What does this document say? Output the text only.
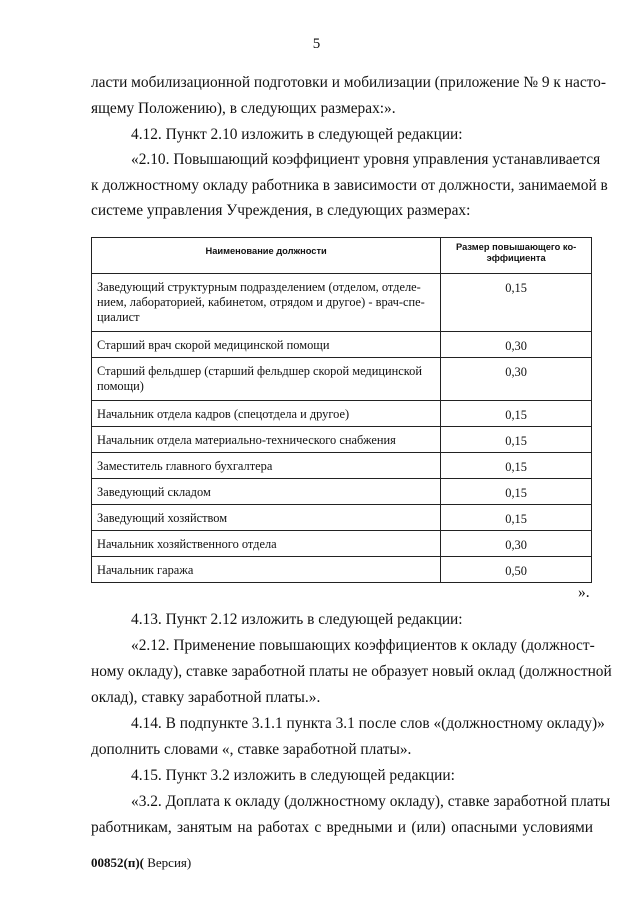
5
ласти мобилизационной подготовки и мобилизации (приложение № 9 к насто-
ящему Положению), в следующих размерах:».
4.12. Пункт 2.10 изложить в следующей редакции:
«2.10. Повышающий коэффициент уровня управления устанавливается
к должностному окладу работника в зависимости от должности, занимаемой в
системе управления Учреждения, в следующих размерах:
Наименование должности	Размер повышающего ко-
эффициента
Заведующий структурным подразделением (отделом, отделе-
нием, лабораторией, кабинетом, отрядом и другое) - врач-спе-
циалист	0,15
Старший врач скорой медицинской помощи	0,30
Старший фельдшер (старший фельдшер скорой медицинской
помощи)	0,30
Начальник отдела кадров (спецотдела и другое)	0,15
Начальник отдела материально-технического снабжения	0,15
Заместитель главного бухгалтера	0,15
Заведующий складом	0,15
Заведующий хозяйством	0,15
Начальник хозяйственного отдела	0,30
Начальник гаража	0,50
».
4.13. Пункт 2.12 изложить в следующей редакции:
«2.12. Применение повышающих коэффициентов к окладу (должност-
ному окладу), ставке заработной платы не образует новый оклад (должностной
оклад), ставку заработной платы.».
4.14. В подпункте 3.1.1 пункта 3.1 после слов «(должностному окладу)»
дополнить словами «, ставке заработной платы».
4.15. Пункт 3.2 изложить в следующей редакции:
«3.2. Доплата к окладу (должностному окладу), ставке заработной платы
работникам, занятым на работах с вредными и (или) опасными условиями
00852(п)( Версия)
